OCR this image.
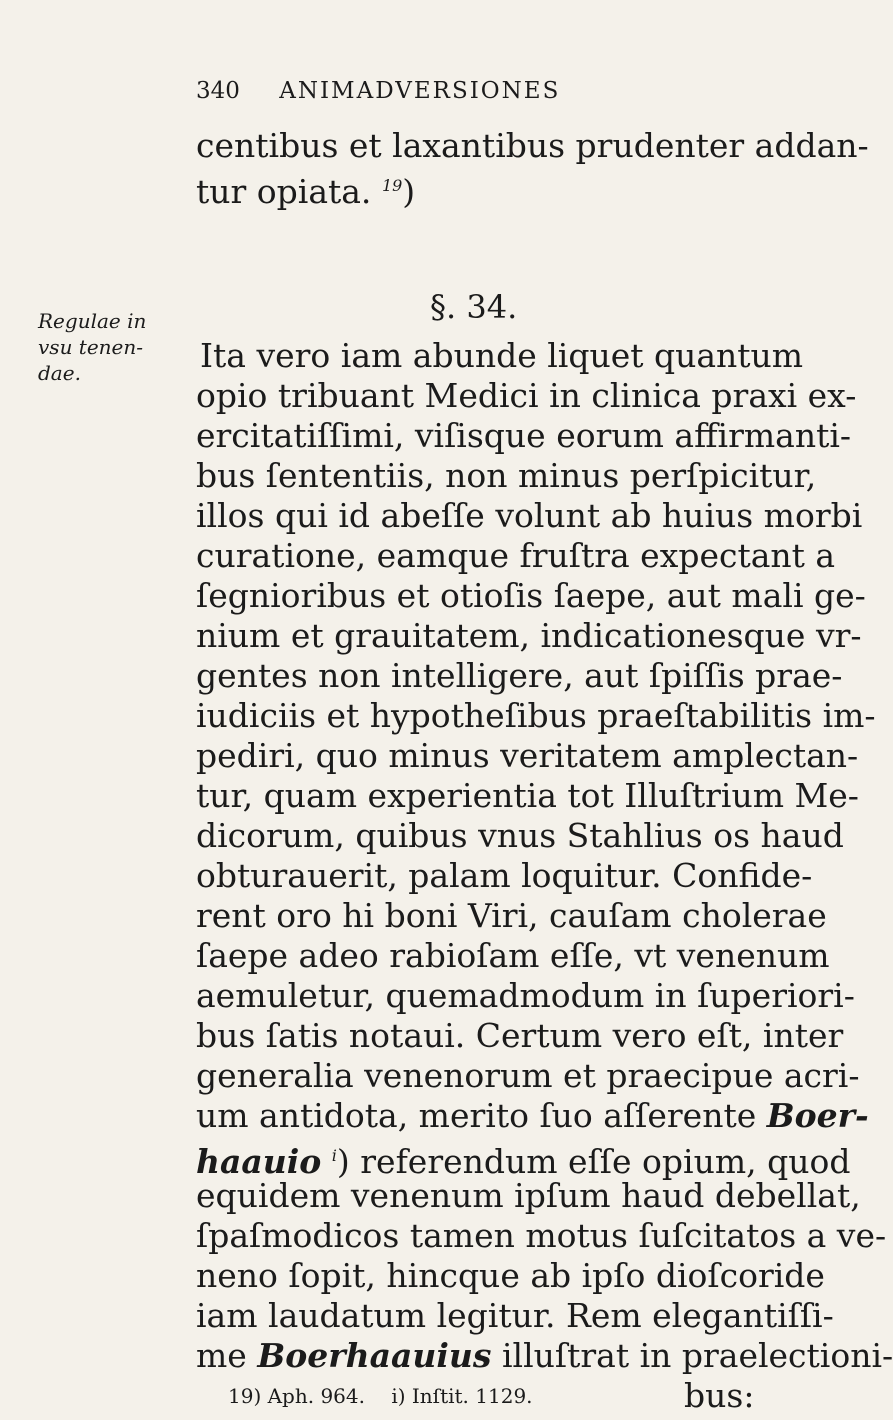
340 ANIMADVERSIONES
centibus et laxantibus prudenter addan-
tur opiata. $^{19}$)
§. 34.
Regulae in
vsu tenen-
dae.	Ita vero iam abunde liquet quantum
opio tribuant Medici in clinica praxi ex-
ercitatiſſimi, viſisque eorum affirmanti-
bus ſententiis, non minus perſpicitur,
illos qui id abeſſe volunt ab huius morbi
curatione, eamque fruſtra expectant a
ſegnioribus et otioſis ſaepe, aut mali ge-
nium et grauitatem, indicationesque vr-
gentes non intelligere, aut ſpiſſis prae-
iudiciis et hypotheſibus praeſtabilitis im-
pediri, quo minus veritatem amplectan-
tur, quam experientia tot Illuſtrium Me-
dicorum, quibus vnus Stahlius os haud
obturauerit, palam loquitur. Confide-
rent oro hi boni Viri, cauſam cholerae
ſaepe adeo rabioſam eſſe, vt venenum
aemuletur, quemadmodum in ſuperiori-
bus ſatis notaui. Certum vero eſt, inter
generalia venenorum et praecipue acri-
um antidota, merito ſuo aſſerente Boer-
haauio $^i$) referendum eſſe opium, quod
equidem venenum ipſum haud debellat,
ſpaſmodicos tamen motus ſuſcitatos a ve-
neno ſopit, hincque ab ipſo dioſcoride
iam laudatum legitur. Rem elegantiſſi-
me Boerhaauius illuſtrat in praelectioni-
bus:
19) Aph. 964. i) Inſtit. 1129.
